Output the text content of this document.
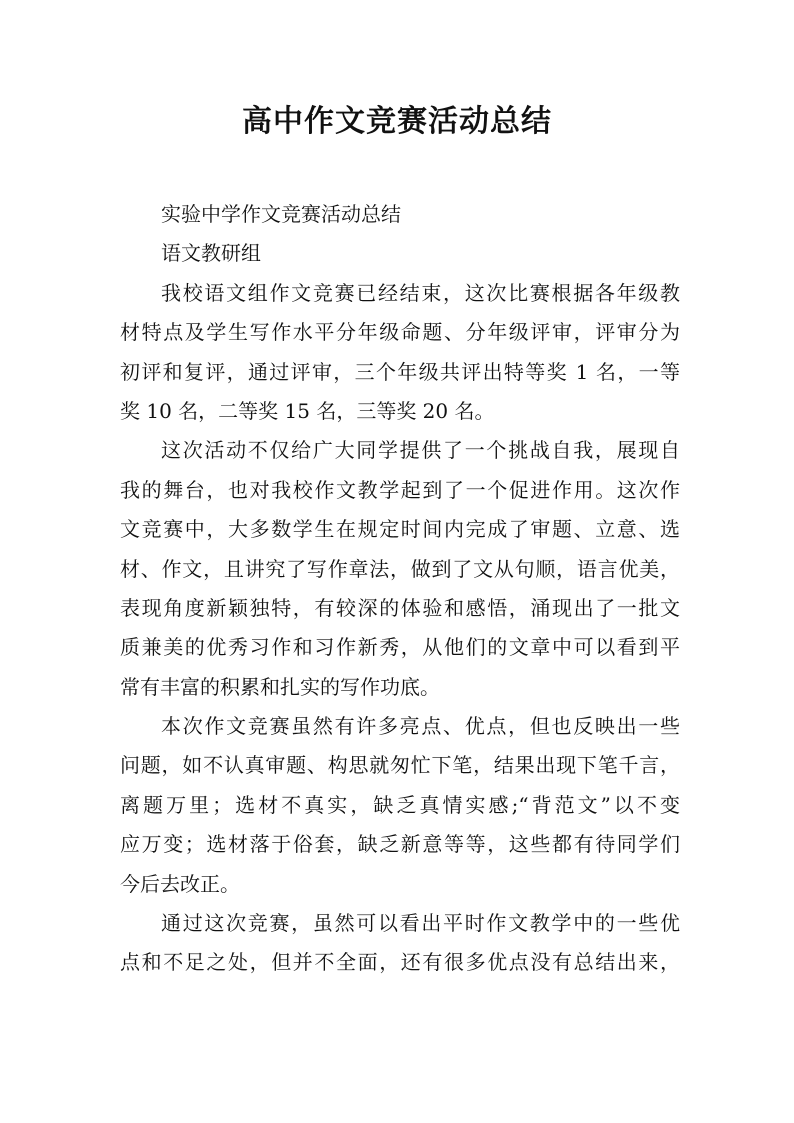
高中作文竞赛活动总结
实验中学作文竞赛活动总结
语文教研组
我校语文组作文竞赛已经结束，这次比赛根据各年级教
材特点及学生写作水平分年级命题、分年级评审，评审分为
初评和复评，通过评审，三个年级共评出特等奖 1 名，一等
奖 10 名，二等奖 15 名，三等奖 20 名。
这次活动不仅给广大同学提供了一个挑战自我，展现自
我的舞台，也对我校作文教学起到了一个促进作用。这次作
文竞赛中，大多数学生在规定时间内完成了审题、立意、选
材、作文，且讲究了写作章法，做到了文从句顺，语言优美，
表现角度新颖独特，有较深的体验和感悟，涌现出了一批文
质兼美的优秀习作和习作新秀，从他们的文章中可以看到平
常有丰富的积累和扎实的写作功底。
本次作文竞赛虽然有许多亮点、优点，但也反映出一些
问题，如不认真审题、构思就匆忙下笔，结果出现下笔千言，
离题万里；选材不真实，缺乏真情实感;“背范文”以不变
应万变；选材落于俗套，缺乏新意等等，这些都有待同学们
今后去改正。
通过这次竞赛，虽然可以看出平时作文教学中的一些优
点和不足之处，但并不全面，还有很多优点没有总结出来，
